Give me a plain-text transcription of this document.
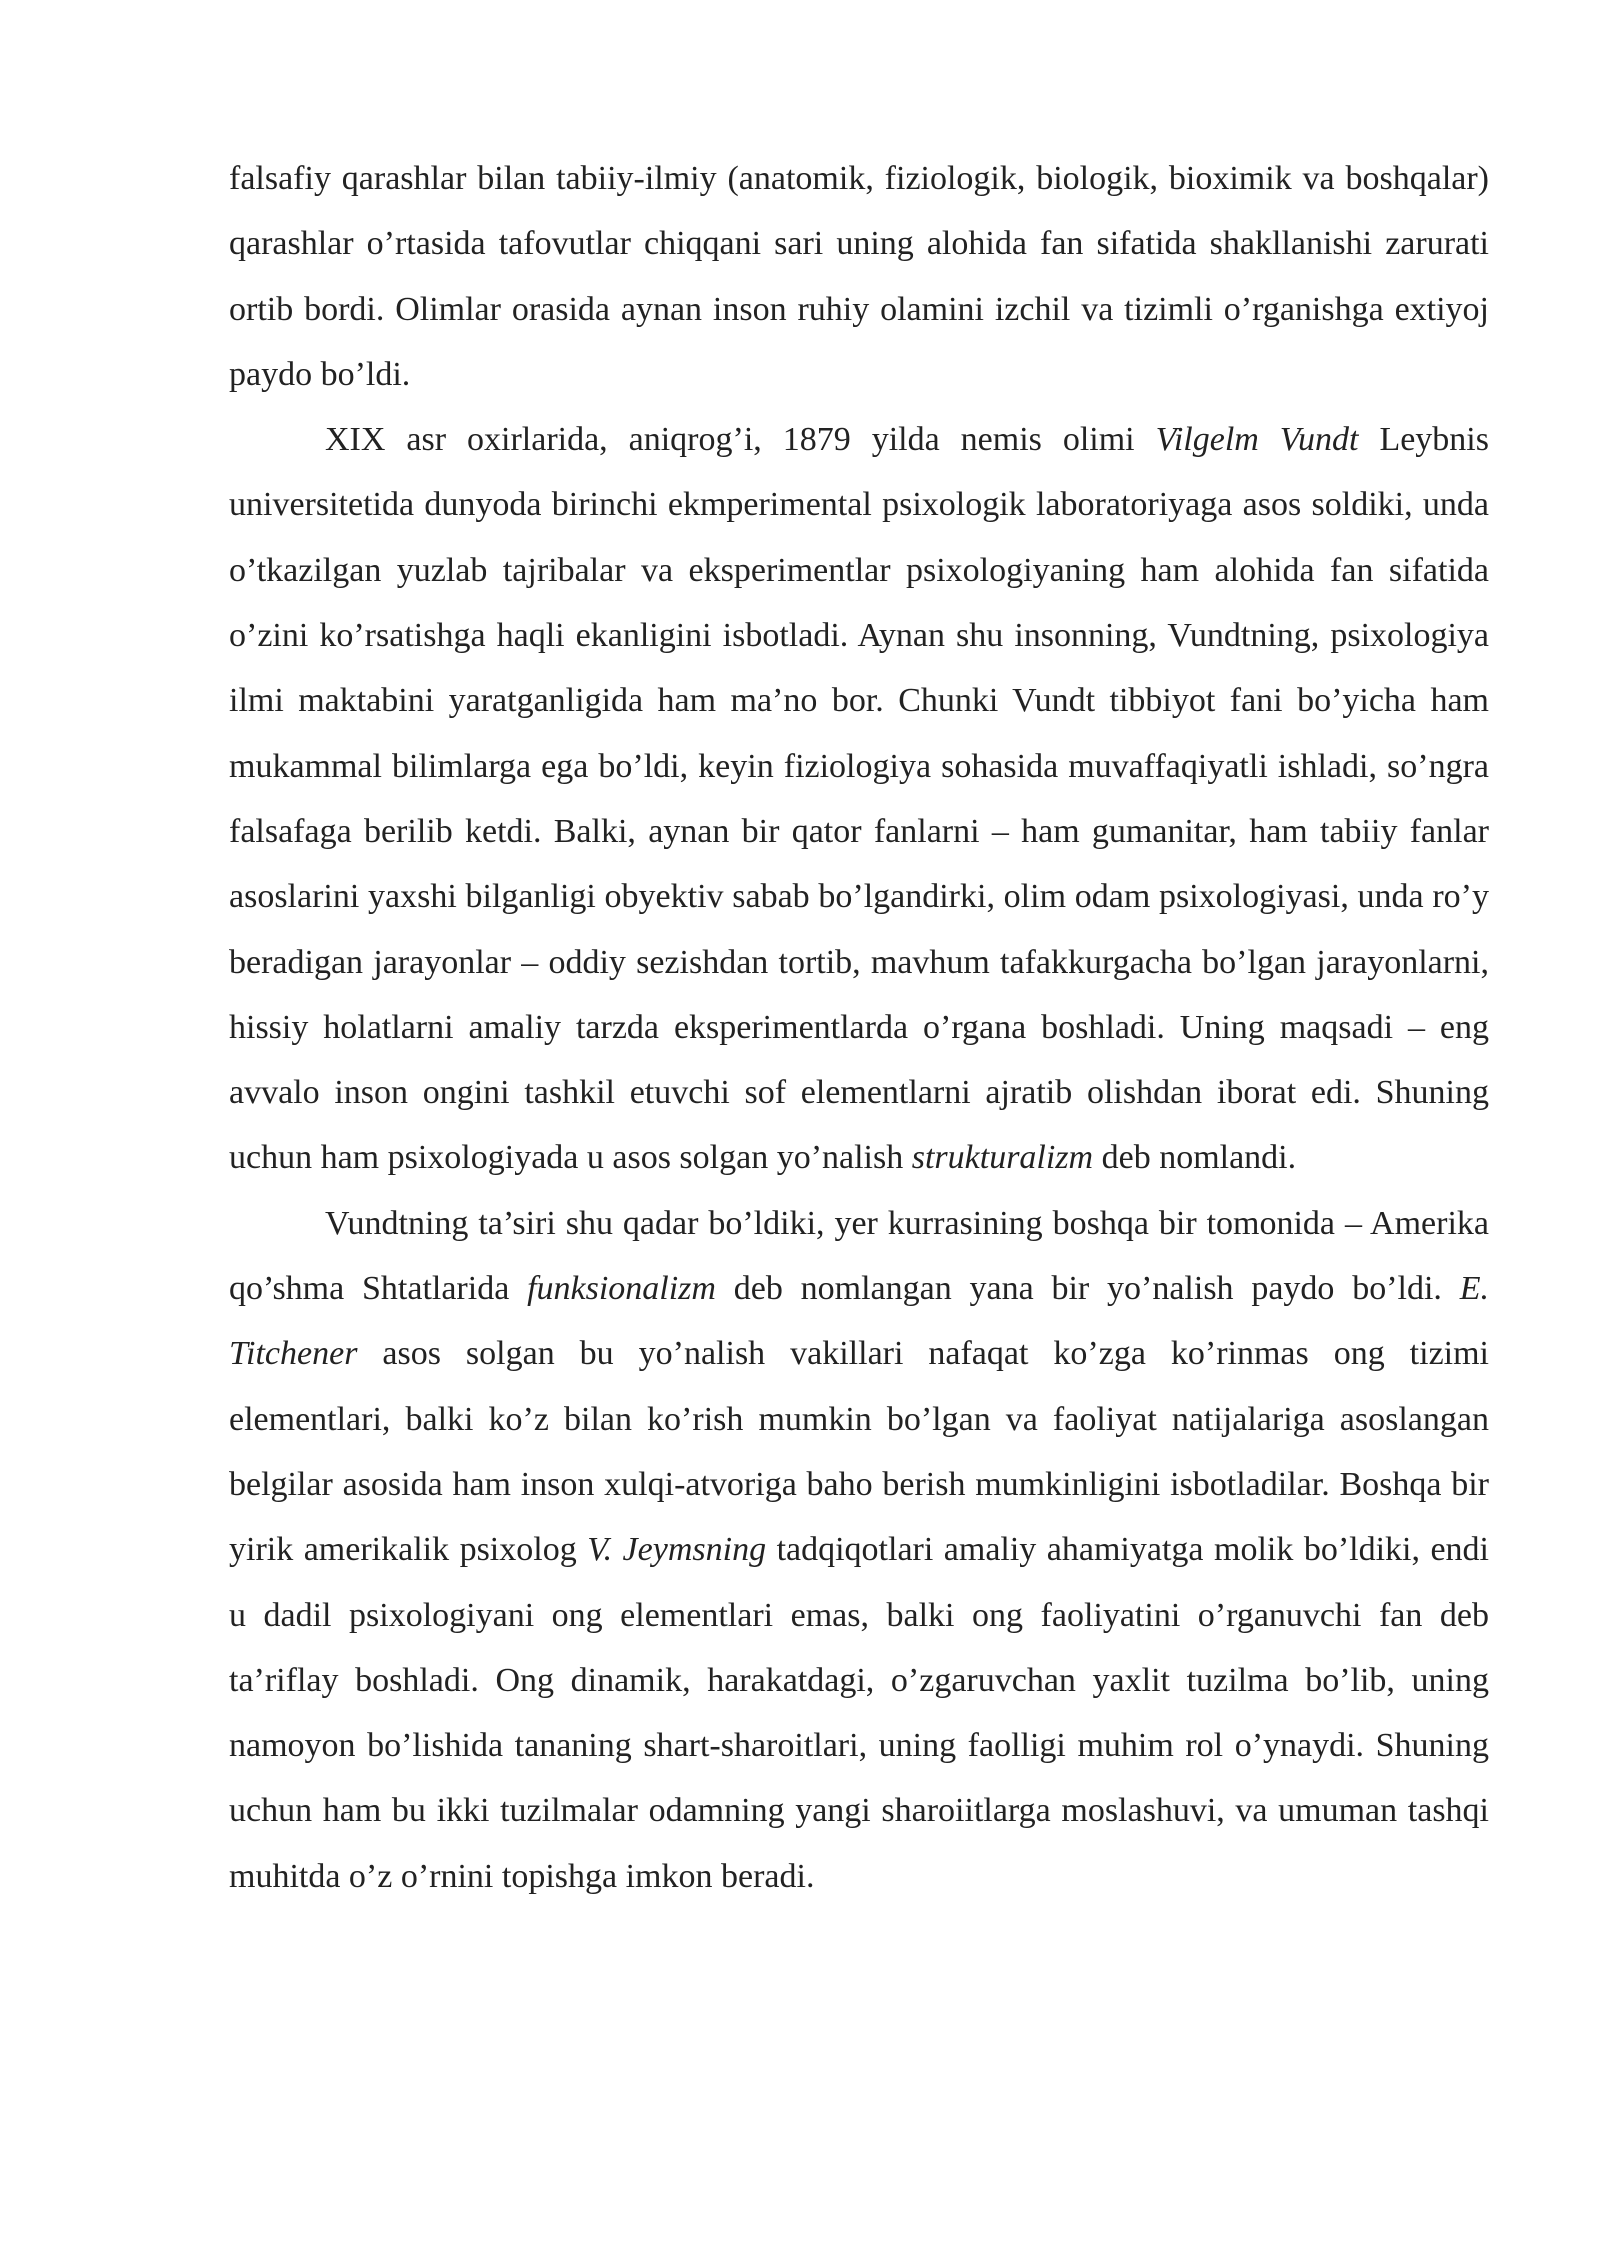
falsafiy qarashlar bilan tabiiy-ilmiy (anatomik, fiziologik, biologik, bioximik va boshqalar) qarashlar o’rtasida tafovutlar chiqqani sari uning alohida fan sifatida shakllanishi zarurati ortib bordi. Olimlar orasida aynan inson ruhiy olamini izchil va tizimli o’rganishga extiyoj paydo bo’ldi.

XIX asr oxirlarida, aniqrog’i, 1879 yilda nemis olimi Vilgelm Vundt Leybnis universitetida dunyoda birinchi ekmperimental psixologik laboratoriyaga asos soldiki, unda o’tkazilgan yuzlab tajribalar va eksperimentlar psixologiyaning ham alohida fan sifatida o’zini ko’rsatishga haqli ekanligini isbotladi. Aynan shu insonning, Vundtning, psixologiya ilmi maktabini yaratganligida ham ma’no bor. Chunki Vundt tibbiyot fani bo’yicha ham mukammal bilimlarga ega bo’ldi, keyin fiziologiya sohasida muvaffaqiyatli ishladi, so’ngra falsafaga berilib ketdi. Balki, aynan bir qator fanlarni – ham gumanitar, ham tabiiy fanlar asoslarini yaxshi bilganligi obyektiv sabab bo’lgandirki, olim odam psixologiyasi, unda ro’y beradigan jarayonlar – oddiy sezishdan tortib, mavhum tafakkurgacha bo’lgan jarayonlarni, hissiy holatlarni amaliy tarzda eksperimentlarda o’rgana boshladi. Uning maqsadi – eng avvalo inson ongini tashkil etuvchi sof elementlarni ajratib olishdan iborat edi. Shuning uchun ham psixologiyada u asos solgan yo’nalish strukturalizm deb nomlandi.

Vundtning ta’siri shu qadar bo’ldiki, yer kurrasining boshqa bir tomonida – Amerika qo’shma Shtatlarida funksionalizm deb nomlangan yana bir yo’nalish paydo bo’ldi. E. Titchener asos solgan bu yo’nalish vakillari nafaqat ko’zga ko’rinmas ong tizimi elementlari, balki ko’z bilan ko’rish mumkin bo’lgan va faoliyat natijalariga asoslangan belgilar asosida ham inson xulqi-atvoriga baho berish mumkinligini isbotladilar. Boshqa bir yirik amerikalik psixolog V. Jeymsning tadqiqotlari amaliy ahamiyatga molik bo’ldiki, endi u dadil psixologiyani ong elementlari emas, balki ong faoliyatini o’rganuvchi fan deb ta’riflay boshladi. Ong dinamik, harakatdagi, o’zgaruvchan yaxlit tuzilma bo’lib, uning namoyon bo’lishida tananing shart-sharoitlari, uning faolligi muhim rol o’ynaydi. Shuning uchun ham bu ikki tuzilmalar odamning yangi sharoiitlarga moslashuvi, va umuman tashqi muhitda o’z o’rnini topishga imkon beradi.
